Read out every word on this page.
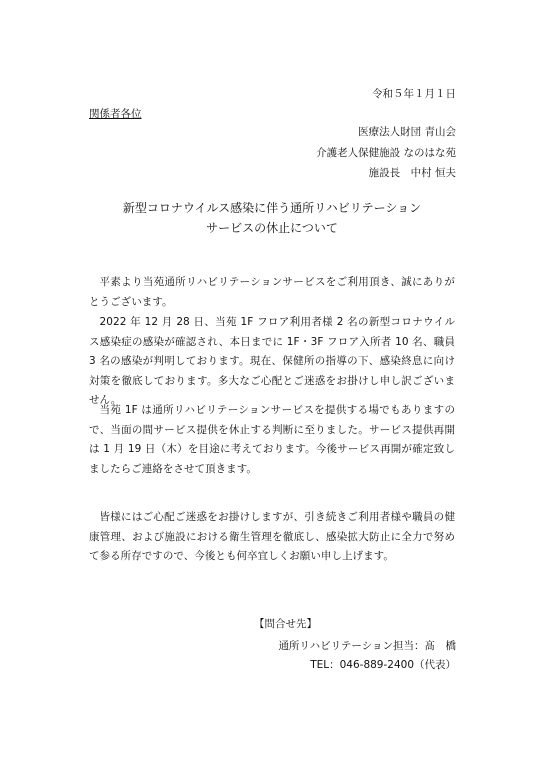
令和５年１月１日
関係者各位
医療法人財団 青山会
介護老人保健施設 なのはな苑
施設長　中村 恒夫
新型コロナウイルス感染に伴う通所リハビリテーション
サービスの休止について
平素より当苑通所リハビリテーションサービスをご利用頂き、誠にありがとうございます。
2022 年 12 月 28 日、当苑 1F フロア利用者様 2 名の新型コロナウイルス感染症の感染が確認され、本日までに 1F・3F フロア入所者 10 名、職員 3 名の感染が判明しております。現在、保健所の指導の下、感染終息に向け対策を徹底しております。多大なご心配とご迷惑をお掛けし申し訳ございません。
当苑 1F は通所リハビリテーションサービスを提供する場でもありますので、当面の間サービス提供を休止する判断に至りました。サービス提供再開は 1 月 19 日（木）を目途に考えております。今後サービス再開が確定致しましたらご連絡をさせて頂きます。
皆様にはご心配ご迷惑をお掛けしますが、引き続きご利用者様や職員の健康管理、および施設における衛生管理を徹底し、感染拡大防止に全力で努めて参る所存ですので、今後とも何卒宜しくお願い申し上げます。
【問合せ先】
通所リハビリテーション担当：髙　橋
TEL：046-889-2400（代表）
